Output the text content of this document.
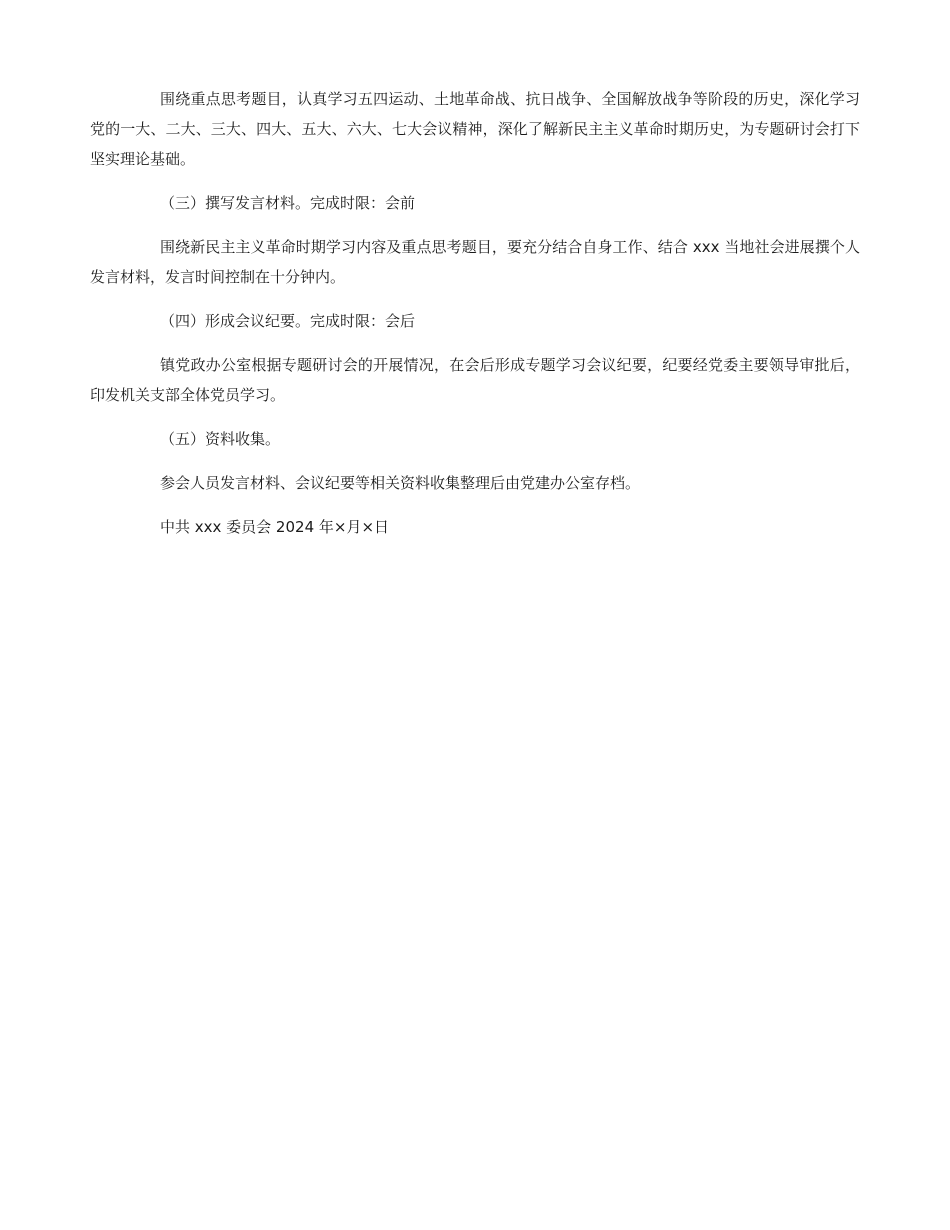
围绕重点思考题目，认真学习五四运动、土地革命战、抗日战争、全国解放战争等阶段的历史，深化学习党的一大、二大、三大、四大、五大、六大、七大会议精神，深化了解新民主主义革命时期历史，为专题研讨会打下坚实理论基础。

（三）撰写发言材料。完成时限：会前

围绕新民主主义革命时期学习内容及重点思考题目，要充分结合自身工作、结合 xxx 当地社会进展撰个人发言材料，发言时间控制在十分钟内。

（四）形成会议纪要。完成时限：会后

镇党政办公室根据专题研讨会的开展情况，在会后形成专题学习会议纪要，纪要经党委主要领导审批后，印发机关支部全体党员学习。

（五）资料收集。

参会人员发言材料、会议纪要等相关资料收集整理后由党建办公室存档。

中共 xxx 委员会 2024 年×月×日
